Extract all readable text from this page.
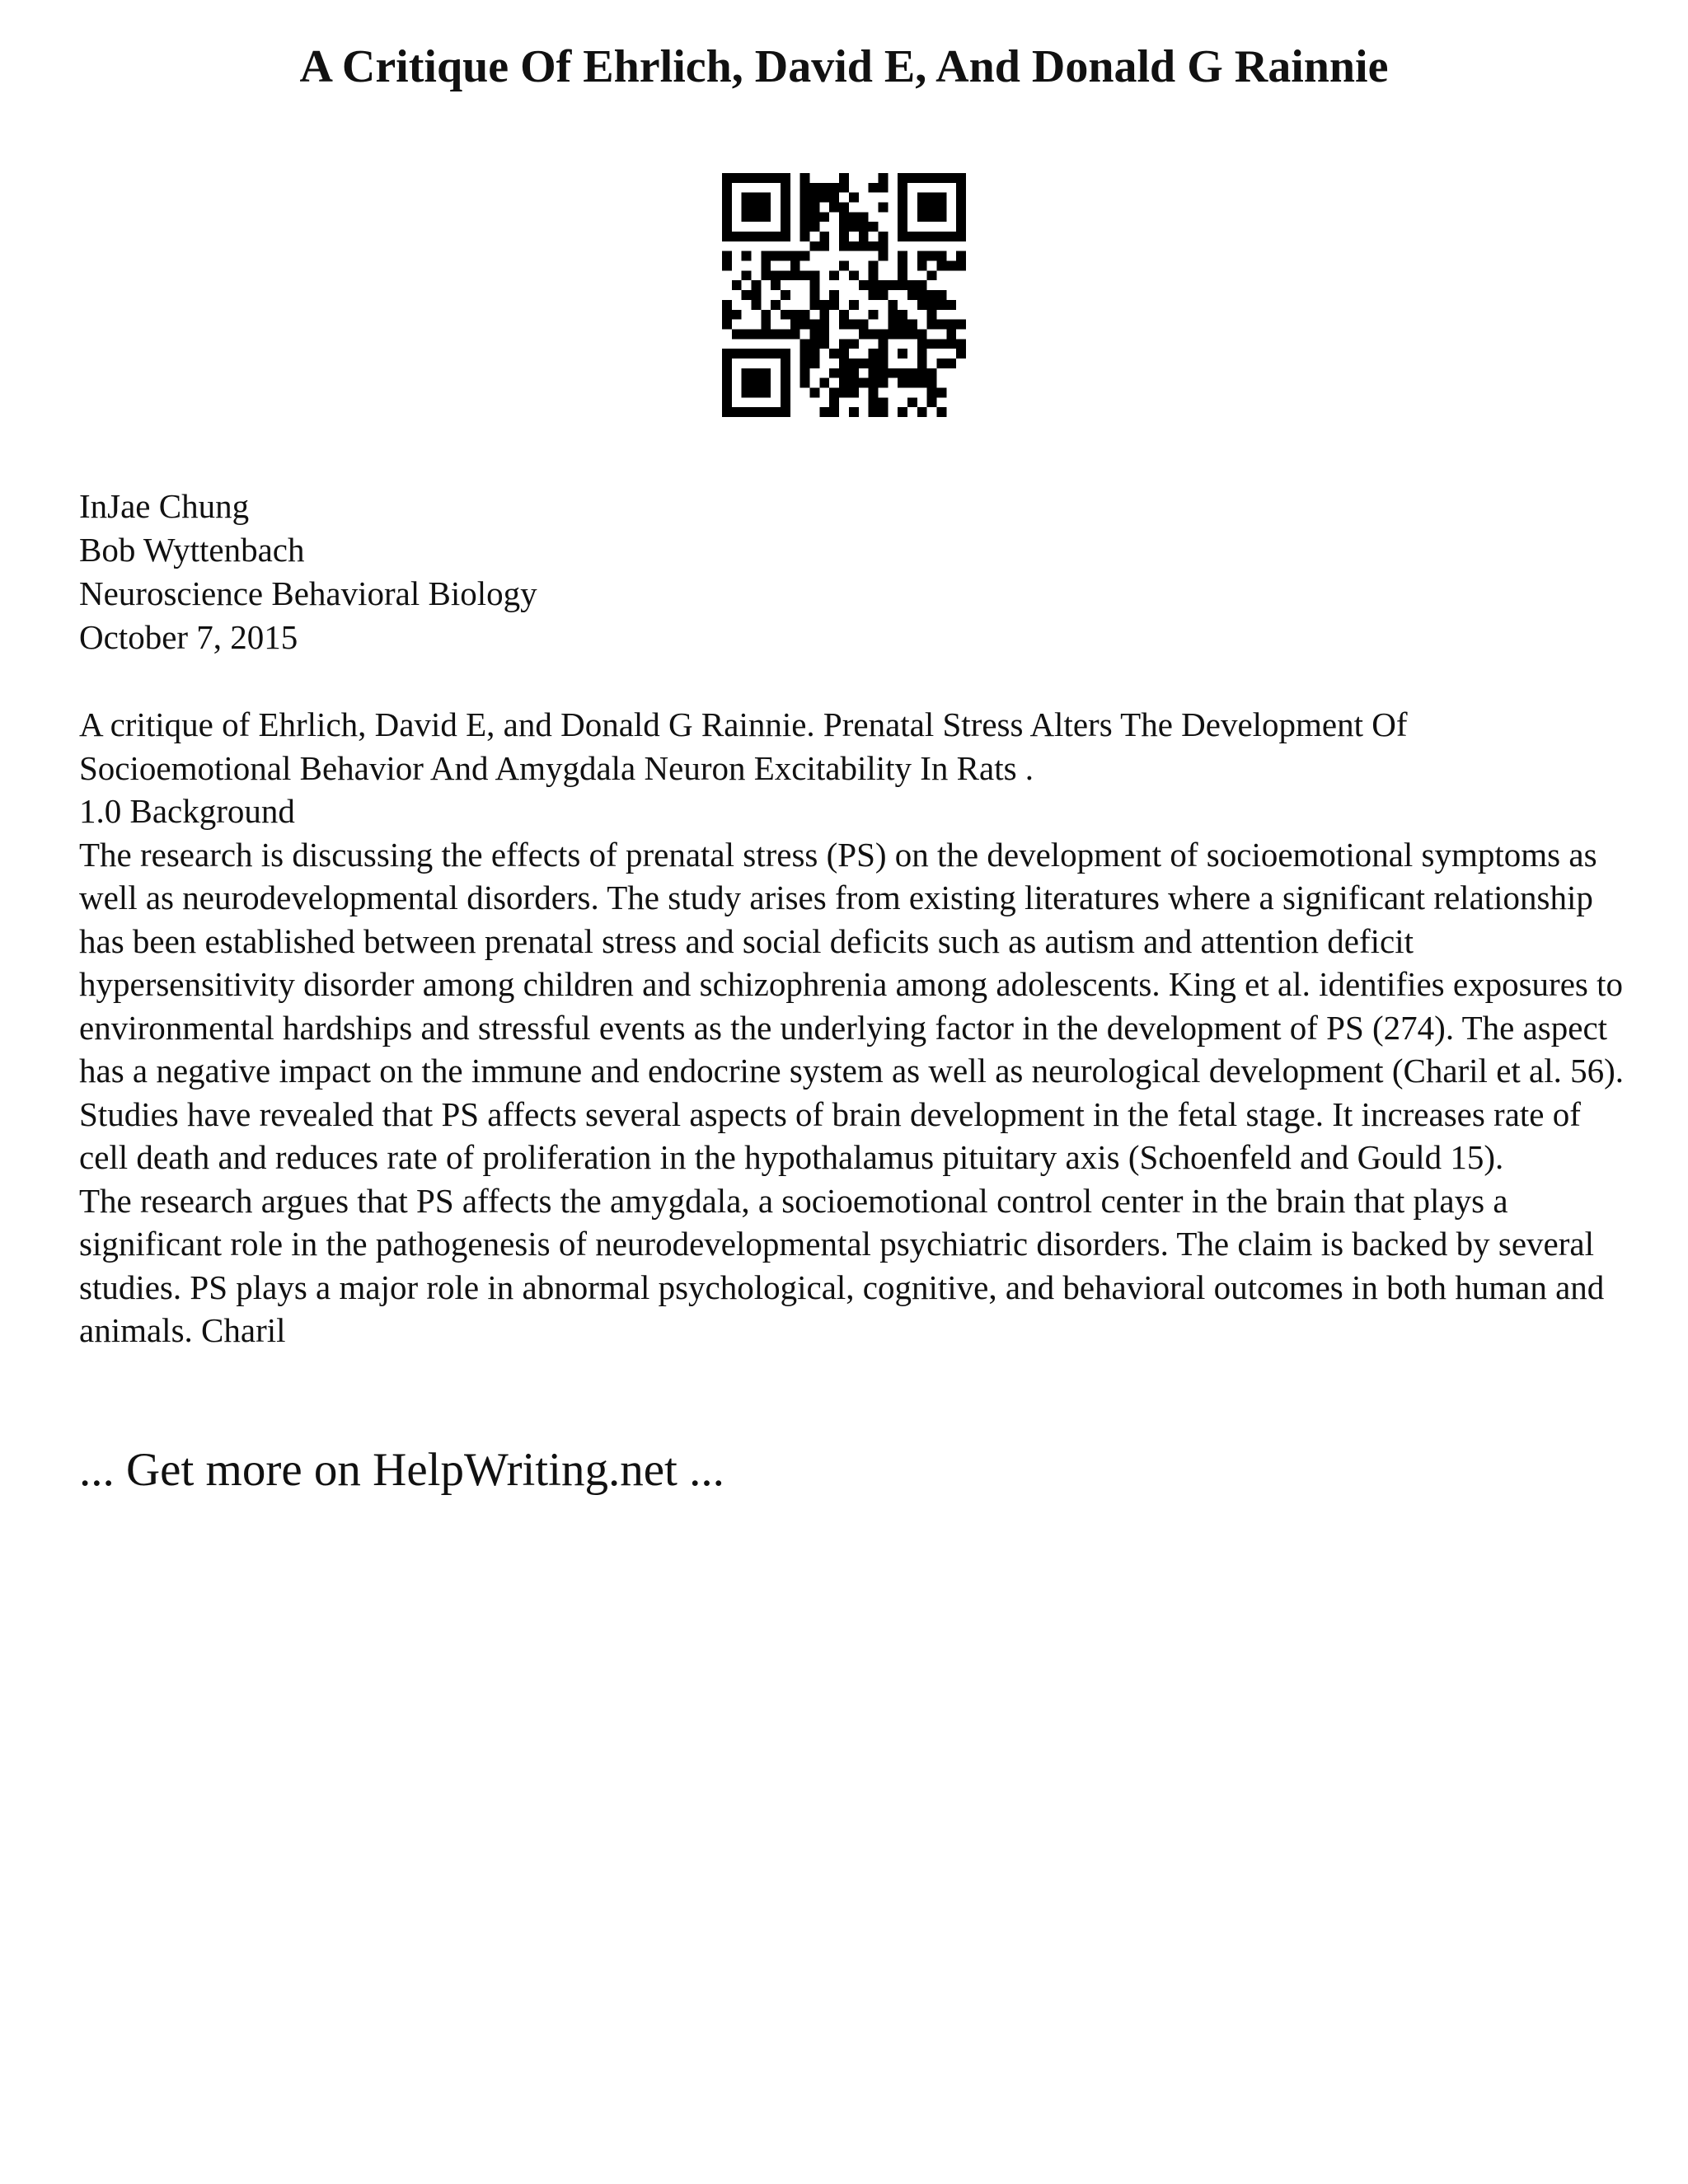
A Critique Of Ehrlich, David E, And Donald G Rainnie
InJae Chung
Bob Wyttenbach
Neuroscience Behavioral Biology
October 7, 2015

A critique of Ehrlich, David E, and Donald G Rainnie. Prenatal Stress Alters The Development Of Socioemotional Behavior And Amygdala Neuron Excitability In Rats .

1.0 Background

The research is discussing the effects of prenatal stress (PS) on the development of socioemotional symptoms as well as neurodevelopmental disorders. The study arises from existing literatures where a significant relationship has been established between prenatal stress and social deficits such as autism and attention deficit hypersensitivity disorder among children and schizophrenia among adolescents. King et al. identifies exposures to environmental hardships and stressful events as the underlying factor in the development of PS (274). The aspect has a negative impact on the immune and endocrine system as well as neurological development (Charil et al. 56). Studies have revealed that PS affects several aspects of brain development in the fetal stage. It increases rate of cell death and reduces rate of proliferation in the hypothalamus pituitary axis (Schoenfeld and Gould 15).

The research argues that PS affects the amygdala, a socioemotional control center in the brain that plays a significant role in the pathogenesis of neurodevelopmental psychiatric disorders. The claim is backed by several studies. PS plays a major role in abnormal psychological, cognitive, and behavioral outcomes in both human and animals. Charil

... Get more on HelpWriting.net ...
